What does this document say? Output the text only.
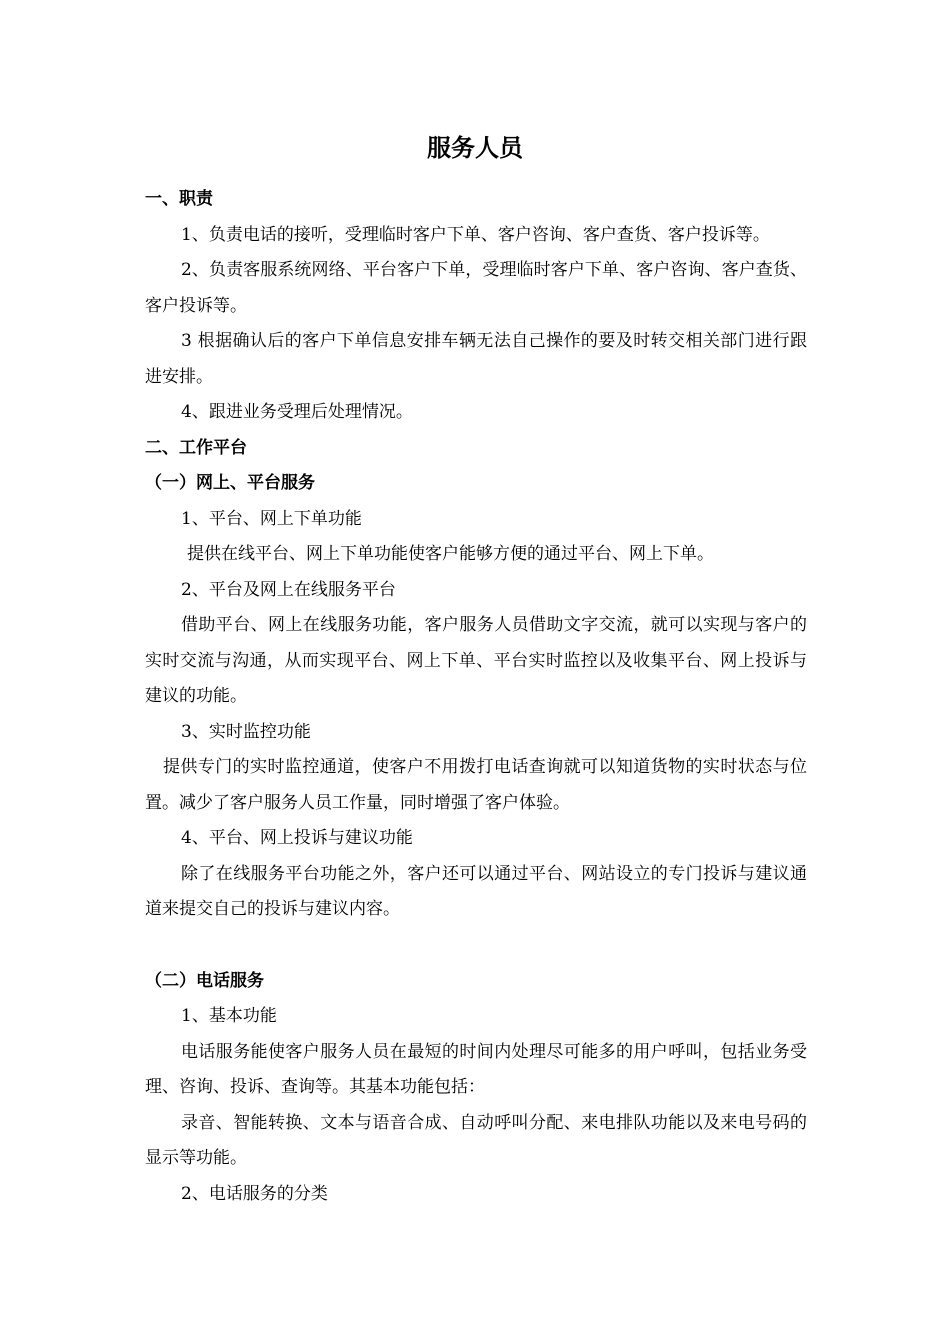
服务人员

一、职责

1、负责电话的接听，受理临时客户下单、客户咨询、客户查货、客户投诉等。

2、负责客服系统网络、平台客户下单，受理临时客户下单、客户咨询、客户查货、客户投诉等。

3 根据确认后的客户下单信息安排车辆无法自己操作的要及时转交相关部门进行跟进安排。

4、跟进业务受理后处理情况。

二、工作平台

（一）网上、平台服务

1、平台、网上下单功能

提供在线平台、网上下单功能使客户能够方便的通过平台、网上下单。

2、平台及网上在线服务平台

借助平台、网上在线服务功能，客户服务人员借助文字交流，就可以实现与客户的实时交流与沟通，从而实现平台、网上下单、平台实时监控以及收集平台、网上投诉与建议的功能。

3、实时监控功能

提供专门的实时监控通道，使客户不用拨打电话查询就可以知道货物的实时状态与位置。减少了客户服务人员工作量，同时增强了客户体验。

4、平台、网上投诉与建议功能

除了在线服务平台功能之外，客户还可以通过平台、网站设立的专门投诉与建议通道来提交自己的投诉与建议内容。

（二）电话服务

1、基本功能

电话服务能使客户服务人员在最短的时间内处理尽可能多的用户呼叫，包括业务受理、咨询、投诉、查询等。其基本功能包括：

录音、智能转换、文本与语音合成、自动呼叫分配、来电排队功能以及来电号码的显示等功能。

2、电话服务的分类
